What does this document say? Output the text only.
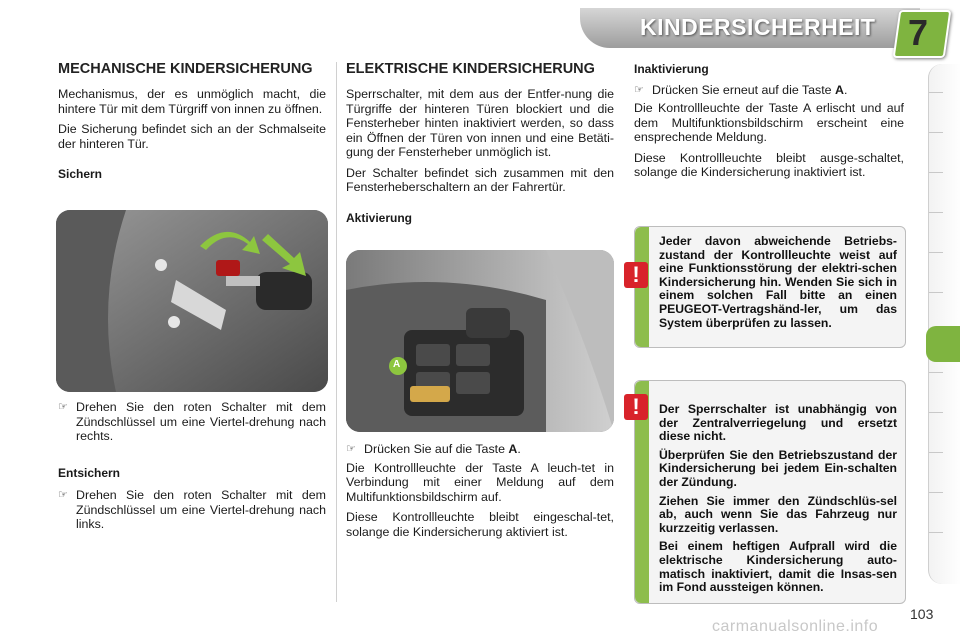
KINDERSICHERHEIT 7
MECHANISCHE KINDERSICHERUNG

Mechanismus, der es unmöglich macht, die hintere Tür mit dem Türgriff von innen zu öffnen.

Die Sicherung befindet sich an der Schmalseite der hinteren Tür.

Sichern
☞ Drehen Sie den roten Schalter mit dem Zündschlüssel um eine Viertel-drehung nach rechts.
Entsichern
☞ Drehen Sie den roten Schalter mit dem Zündschlüssel um eine Viertel-drehung nach links.
ELEKTRISCHE KINDERSICHERUNG

Sperrschalter, mit dem aus der Entfer-nung die Türgriffe der hinteren Türen blockiert und die Fensterheber hinten inaktiviert werden, so dass ein Öffnen der Türen von innen und eine Betäti-gung der Fensterheber unmöglich ist.

Der Schalter befindet sich zusammen mit den Fensterheberschaltern an der Fahrertür.

Aktivierung
A
☞ Drücken Sie auf die Taste A.

Die Kontrollleuchte der Taste A leuch-tet in Verbindung mit einer Meldung auf dem Multifunktionsbildschirm auf.

Diese Kontrollleuchte bleibt eingeschal-tet, solange die Kindersicherung aktiviert ist.

Inaktivierung
☞ Drücken Sie erneut auf die Taste A.

Die Kontrollleuchte der Taste A erlischt und auf dem Multifunktionsbildschirm erscheint eine ensprechende Meldung.

Diese Kontrollleuchte bleibt ausge-schaltet, solange die Kindersicherung inaktiviert ist.

Jeder davon abweichende Betriebs-zustand der Kontrollleuchte weist auf eine Funktionsstörung der elektri-schen Kindersicherung hin. Wenden Sie sich in einem solchen Fall bitte an einen PEUGEOT-Vertragshänd-ler, um das System überprüfen zu lassen.
!

Der Sperrschalter ist unabhängig von der Zentralverriegelung und ersetzt diese nicht.

Überprüfen Sie den Betriebszustand der Kindersicherung bei jedem Ein-schalten der Zündung.

Ziehen Sie immer den Zündschlüs-sel ab, auch wenn Sie das Fahrzeug nur kurzzeitig verlassen.

Bei einem heftigen Aufprall wird die elektrische Kindersicherung auto-matisch inaktiviert, damit die Insas-sen im Fond aussteigen können.

!
103
carmanualsonline.info
